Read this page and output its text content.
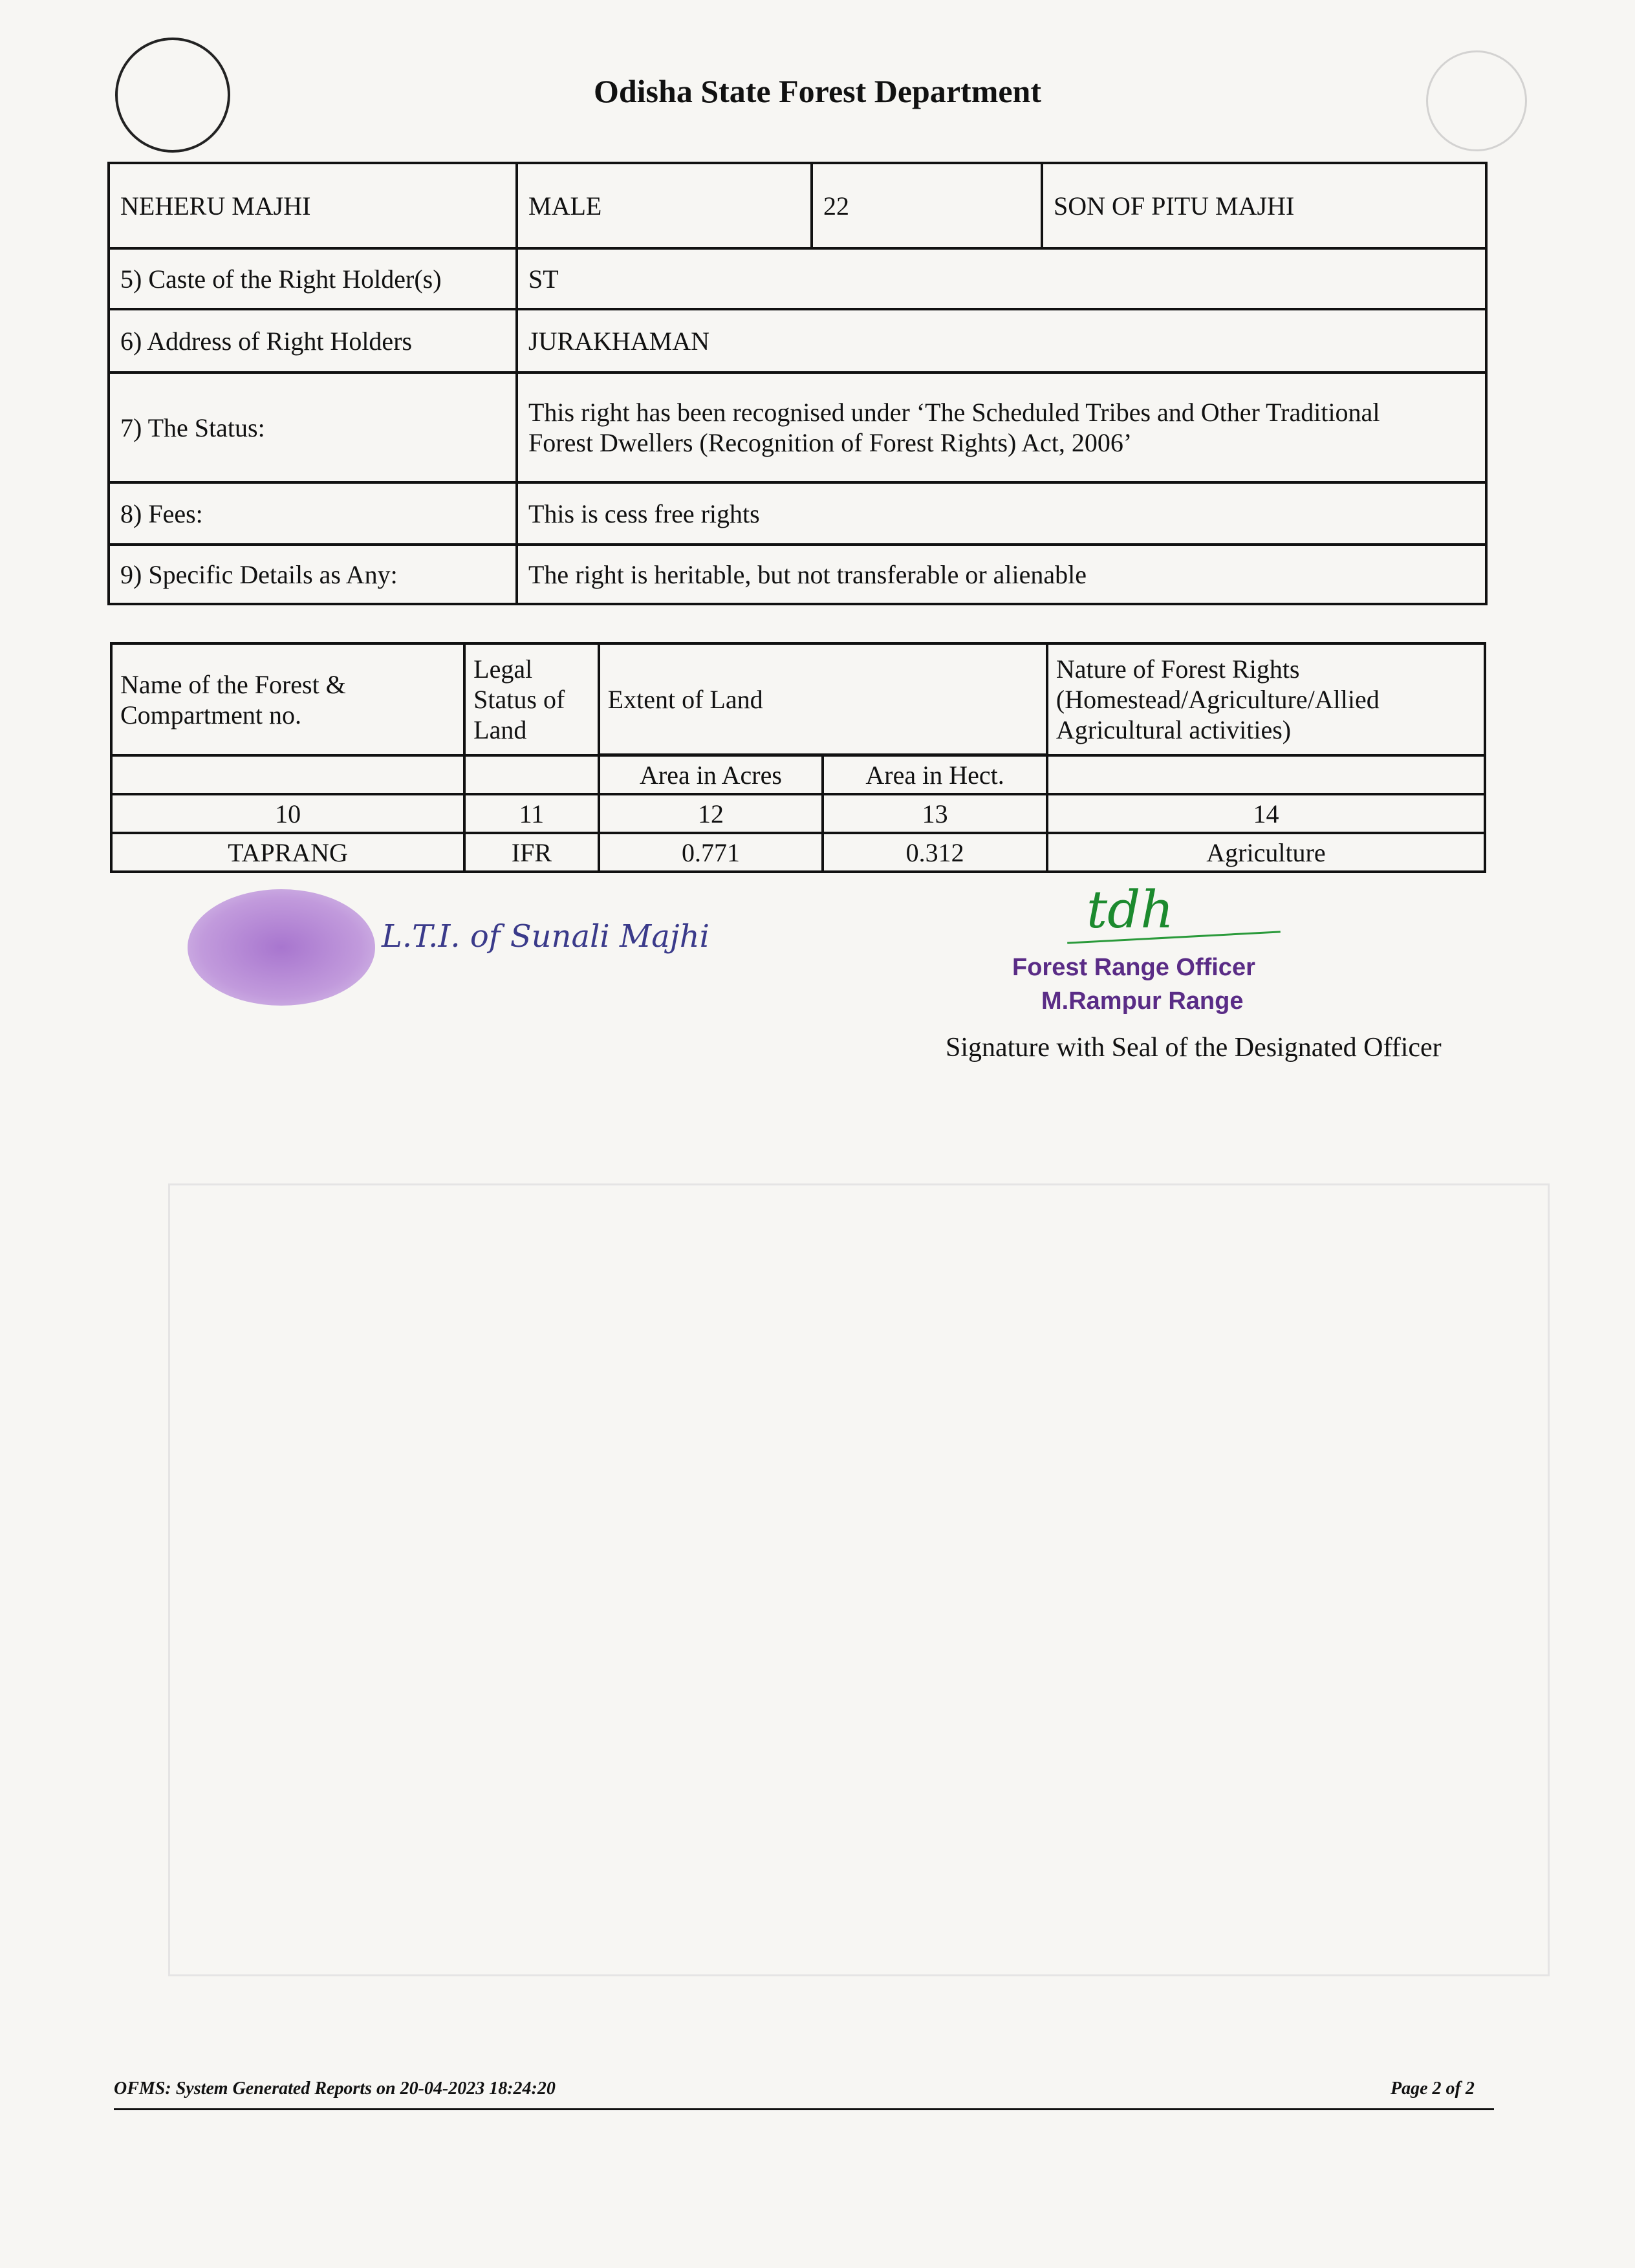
Odisha State Forest Department
NEHERU MAJHI	MALE	22	SON OF PITU MAJHI
5) Caste of the Right Holder(s)	ST		
6) Address of Right Holders	JURAKHAMAN		
7) The Status:	This right has been recognised under ‘The Scheduled Tribes and Other Traditional
Forest Dwellers (Recognition of Forest Rights) Act, 2006’		

8) Fees:	This is cess free rights		
9) Specific Details as Any:	The right is heritable, but not transferable or alienable		
Name of the Forest & Compartment no.	Legal Status of Land	Extent of Land		Nature of Forest Rights (Homestead/Agriculture/Allied Agricultural activities)

		Area in Acres	Area in Hect.	
10	11	12	13	14
TAPRANG	IFR	0.771	0.312	Agriculture
L.T.I. of Sunali Majhi	tdh
Forest Range Officer
M.Rampur Range
Signature with Seal of the Designated Officer
OFMS: System Generated Reports on 20-04-2023 18:24:20	Page 2 of 2
